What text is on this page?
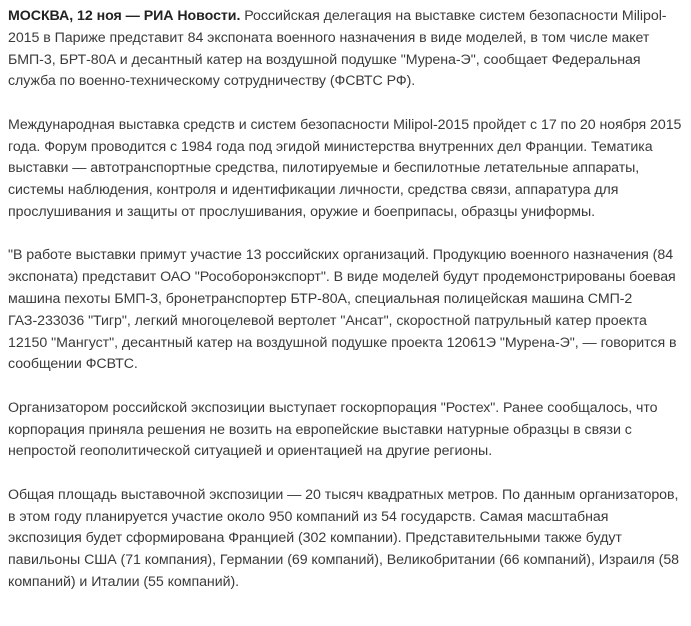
МОСКВА, 12 ноя — РИА Новости. Российская делегация на выставке систем безопасности Milipol-2015 в Париже представит 84 экспоната военного назначения в виде моделей, в том числе макет БМП-3, БРТ-80А и десантный катер на воздушной подушке "Мурена-Э", сообщает Федеральная служба по военно-техническому сотрудничеству (ФСВТС РФ).

Международная выставка средств и систем безопасности Milipol-2015 пройдет с 17 по 20 ноября 2015 года. Форум проводится с 1984 года под эгидой министерства внутренних дел Франции. Тематика выставки — автотранспортные средства, пилотируемые и беспилотные летательные аппараты, системы наблюдения, контроля и идентификации личности, средства связи, аппаратура для прослушивания и защиты от прослушивания, оружие и боеприпасы, образцы униформы.

"В работе выставки примут участие 13 российских организаций. Продукцию военного назначения (84 экспоната) представит ОАО "Рособоронэкспорт". В виде моделей будут продемонстрированы боевая машина пехоты БМП-3, бронетранспортер БТР-80А, специальная полицейская машина СМП-2 ГАЗ-233036 "Тигр", легкий многоцелевой вертолет "Ансат", скоростной патрульный катер проекта 12150 "Мангуст", десантный катер на воздушной подушке проекта 12061Э "Мурена-Э", — говорится в сообщении ФСВТС.

Организатором российской экспозиции выступает госкорпорация "Ростех". Ранее сообщалось, что корпорация приняла решения не возить на европейские выставки натурные образцы в связи с непростой геополитической ситуацией и ориентацией на другие регионы.

Общая площадь выставочной экспозиции — 20 тысяч квадратных метров. По данным организаторов, в этом году планируется участие около 950 компаний из 54 государств. Самая масштабная экспозиция будет сформирована Францией (302 компании). Представительными также будут павильоны США (71 компания), Германии (69 компаний), Великобритании (66 компаний), Израиля (58 компаний) и Италии (55 компаний).
